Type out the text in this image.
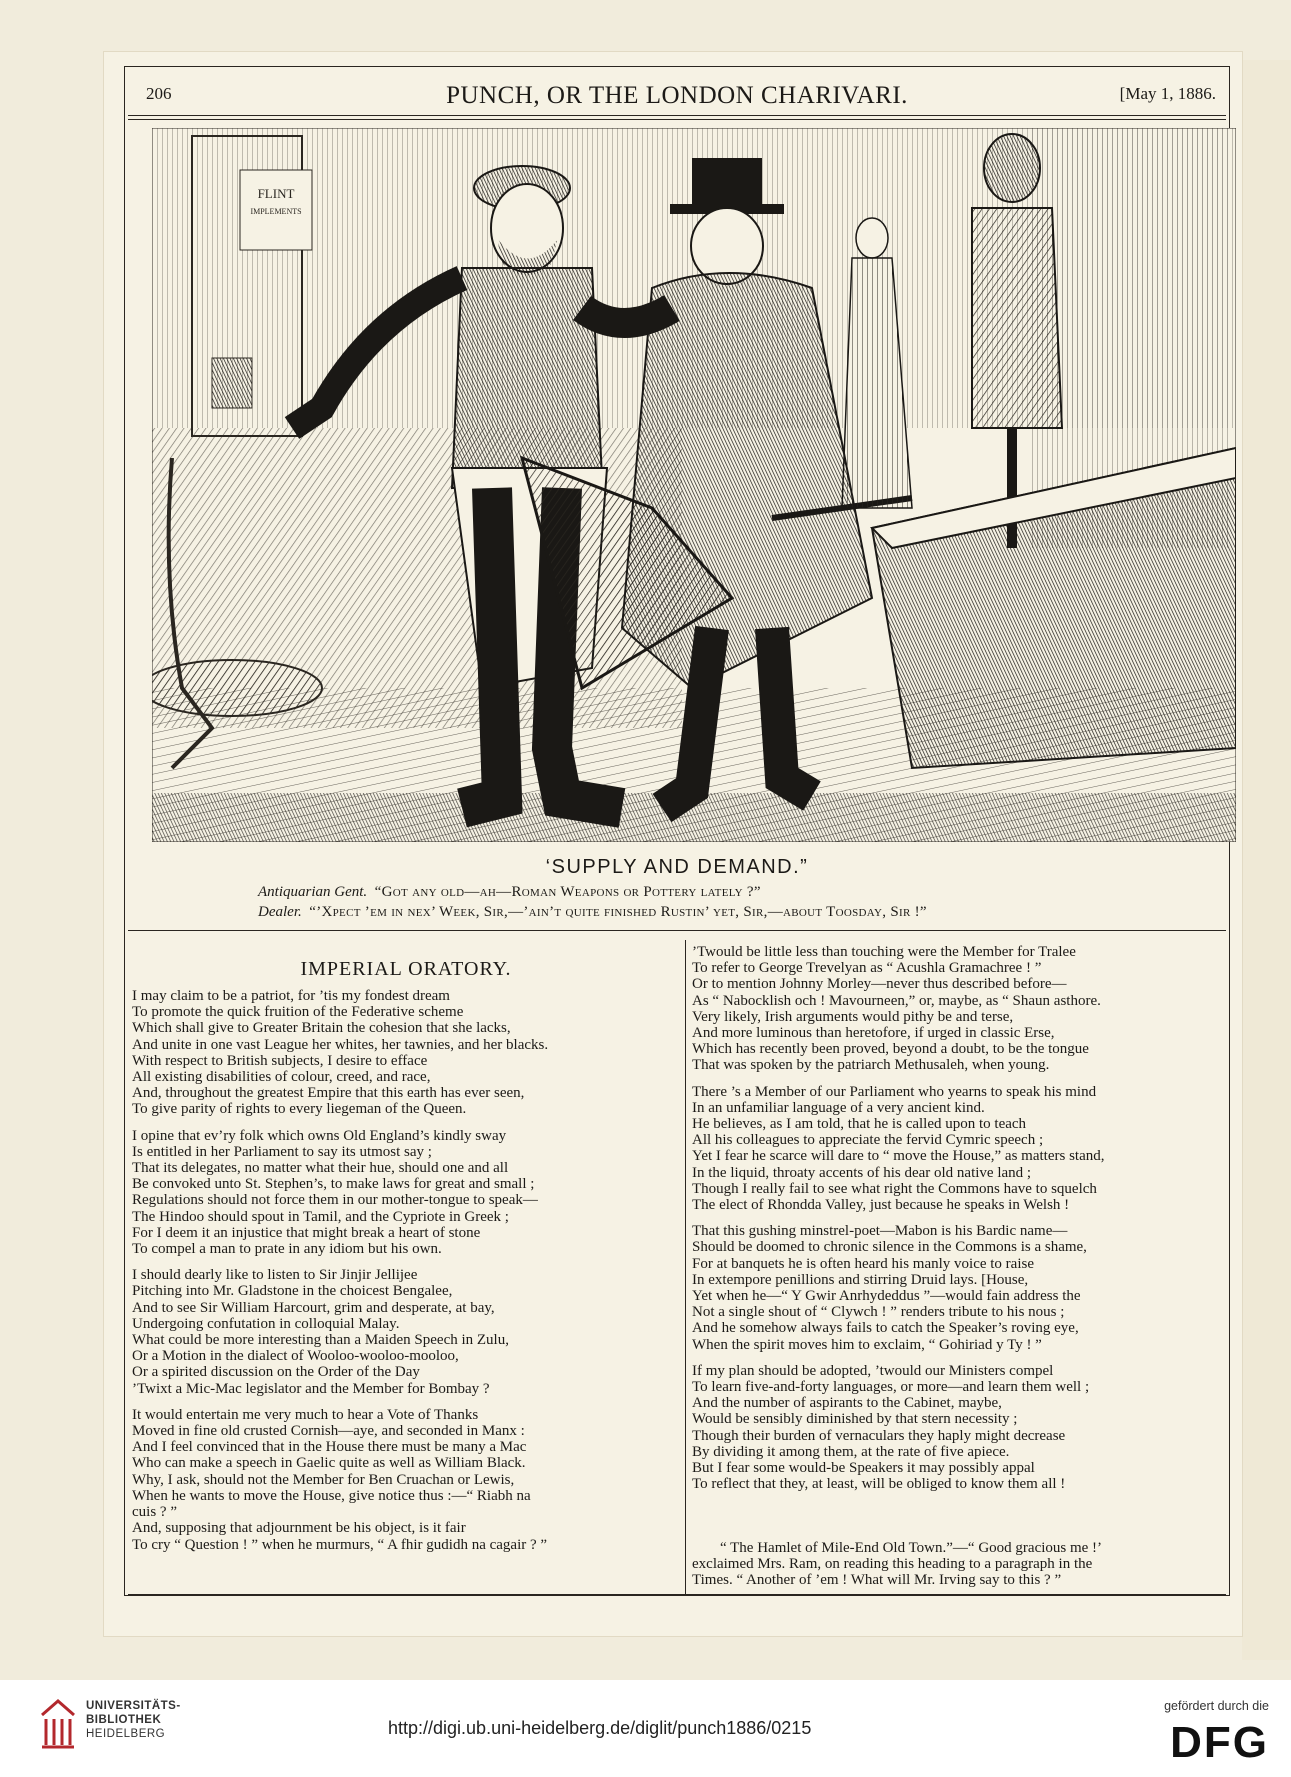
206	PUNCH, OR THE LONDON CHARIVARI.	[May 1, 1886.
FLINT
IMPLEMENTS
‘SUPPLY AND DEMAND.”
Antiquarian Gent. “Got any old—ah—Roman Weapons or Pottery lately ?”
Dealer. “’Xpect ’em in nex’ Week, Sir,—’ain’t quite finished Rustin’ yet, Sir,—about Toosday, Sir !”
IMPERIAL ORATORY.

I may claim to be a patriot, for ’tis my fondest dream

To promote the quick fruition of the Federative scheme

Which shall give to Greater Britain the cohesion that she lacks,

And unite in one vast League her whites, her tawnies, and her blacks.

With respect to British subjects, I desire to efface

All existing disabilities of colour, creed, and race,

And, throughout the greatest Empire that this earth has ever seen,

To give parity of rights to every liegeman of the Queen.

I opine that ev’ry folk which owns Old England’s kindly sway

Is entitled in her Parliament to say its utmost say ;

That its delegates, no matter what their hue, should one and all

Be convoked unto St. Stephen’s, to make laws for great and small ;

Regulations should not force them in our mother-tongue to speak—

The Hindoo should spout in Tamil, and the Cypriote in Greek ;

For I deem it an injustice that might break a heart of stone

To compel a man to prate in any idiom but his own.

I should dearly like to listen to Sir Jinjir Jellijee

Pitching into Mr. Gladstone in the choicest Bengalee,

And to see Sir William Harcourt, grim and desperate, at bay,

Undergoing confutation in colloquial Malay.

What could be more interesting than a Maiden Speech in Zulu,

Or a Motion in the dialect of Wooloo-wooloo-mooloo,

Or a spirited discussion on the Order of the Day

’Twixt a Mic-Mac legislator and the Member for Bombay ?

It would entertain me very much to hear a Vote of Thanks

Moved in fine old crusted Cornish—aye, and seconded in Manx :

And I feel convinced that in the House there must be many a Mac

Who can make a speech in Gaelic quite as well as William Black.

Why, I ask, should not the Member for Ben Cruachan or Lewis,

When he wants to move the House, give notice thus :—“ Riabh na

cuis ? ”

And, supposing that adjournment be his object, is it fair

To cry “ Question ! ” when he murmurs, “ A fhir gudidh na cagair ? ”

’Twould be little less than touching were the Member for Tralee

To refer to George Trevelyan as “ Acushla Gramachree ! ”

Or to mention Johnny Morley—never thus described before—

As “ Nabocklish och ! Mavourneen,” or, maybe, as “ Shaun asthore.

Very likely, Irish arguments would pithy be and terse,

And more luminous than heretofore, if urged in classic Erse,

Which has recently been proved, beyond a doubt, to be the tongue

That was spoken by the patriarch Methusaleh, when young.

There ’s a Member of our Parliament who yearns to speak his mind

In an unfamiliar language of a very ancient kind.

He believes, as I am told, that he is called upon to teach

All his colleagues to appreciate the fervid Cymric speech ;

Yet I fear he scarce will dare to “ move the House,” as matters stand,

In the liquid, throaty accents of his dear old native land ;

Though I really fail to see what right the Commons have to squelch

The elect of Rhondda Valley, just because he speaks in Welsh !

That this gushing minstrel-poet—Mabon is his Bardic name—

Should be doomed to chronic silence in the Commons is a shame,

For at banquets he is often heard his manly voice to raise

In extempore penillions and stirring Druid lays. [House,

Yet when he—“ Y Gwir Anrhydeddus ”—would fain address the

Not a single shout of “ Clywch ! ” renders tribute to his nous ;

And he somehow always fails to catch the Speaker’s roving eye,

When the spirit moves him to exclaim, “ Gohiriad y Ty ! ”

If my plan should be adopted, ’twould our Ministers compel

To learn five-and-forty languages, or more—and learn them well ;

And the number of aspirants to the Cabinet, maybe,

Would be sensibly diminished by that stern necessity ;

Though their burden of vernaculars they haply might decrease

By dividing it among them, at the rate of five apiece.

But I fear some would-be Speakers it may possibly appal

To reflect that they, at least, will be obliged to know them all !

“ The Hamlet of Mile-End Old Town.”—“ Good gracious me !’

exclaimed Mrs. Ram, on reading this heading to a paragraph in the

Times. “ Another of ’em ! What will Mr. Irving say to this ? ”

UNIVERSITÄTS-
BIBLIOTHEK
HEIDELBERG	http://digi.ub.uni-heidelberg.de/diglit/punch1886/0215
gefördert durch die
DFG
